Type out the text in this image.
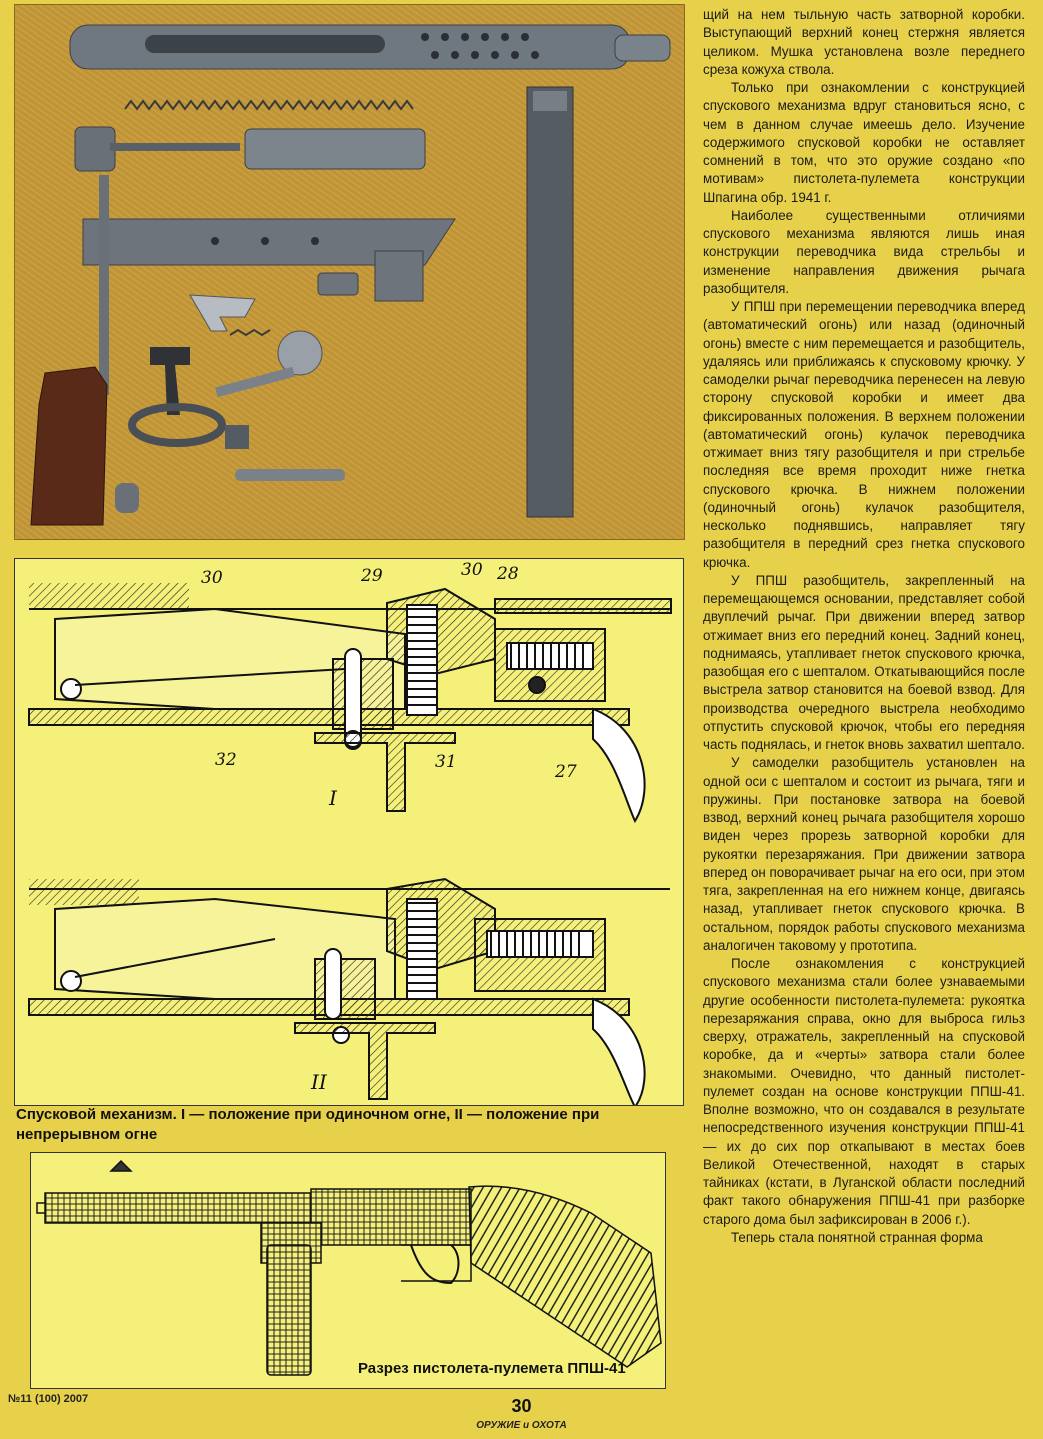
30	29	30 28
32	31	27
I
II
Спусковой механизм. I — положение при одиночном огне, II — положение при непрерывном огне
Разрез пистолета-пулемета ППШ-41

щий на нем тыльную часть затворной коробки. Выступающий верхний конец стержня является целиком. Мушка установлена возле переднего среза кожуха ствола.

Только при ознакомлении с конструкцией спускового механизма вдруг становиться ясно, с чем в данном случае имеешь дело. Изучение содержимого спусковой коробки не оставляет сомнений в том, что это оружие создано «по мотивам» пистолета-пулемета конструкции Шпагина обр. 1941 г.

Наиболее существенными отличиями спускового механизма являются лишь иная конструкции переводчика вида стрельбы и изменение направления движения рычага разобщителя.

У ППШ при перемещении переводчика вперед (автоматический огонь) или назад (одиночный огонь) вместе с ним перемещается и разобщитель, удаляясь или приближаясь к спусковому крючку. У самоделки рычаг переводчика перенесен на левую сторону спусковой коробки и имеет два фиксированных положения. В верхнем положении (автоматический огонь) кулачок переводчика отжимает вниз тягу разобщителя и при стрельбе последняя все время проходит ниже гнетка спускового крючка. В нижнем положении (одиночный огонь) кулачок разобщителя, несколько поднявшись, направляет тягу разобщителя в передний срез гнетка спускового крючка.

У ППШ разобщитель, закрепленный на перемещающемся основании, представляет собой двуплечий рычаг. При движении вперед затвор отжимает вниз его передний конец. Задний конец, поднимаясь, утапливает гнеток спускового крючка, разобщая его с шепталом. Откатывающийся после выстрела затвор становится на боевой взвод. Для производства очередного выстрела необходимо отпустить спусковой крючок, чтобы его передняя часть поднялась, и гнеток вновь захватил шептало.

У самоделки разобщитель установлен на одной оси с шепталом и состоит из рычага, тяги и пружины. При постановке затвора на боевой взвод, верхний конец рычага разобщителя хорошо виден через прорезь затворной коробки для рукоятки перезаряжания. При движении затвора вперед он поворачивает рычаг на его оси, при этом тяга, закрепленная на его нижнем конце, двигаясь назад, утапливает гнеток спускового крючка. В остальном, порядок работы спускового механизма аналогичен таковому у прототипа.

После ознакомления с конструкцией спускового механизма стали более узнаваемыми другие особенности пистолета-пулемета: рукоятка перезаряжания справа, окно для выброса гильз сверху, отражатель, закрепленный на спусковой коробке, да и «черты» затвора стали более знакомыми. Очевидно, что данный пистолет-пулемет создан на основе конструкции ППШ-41. Вполне возможно, что он создавался в результате непосредственного изучения конструкции ППШ-41 — их до сих пор откапывают в местах боев Великой Отечественной, находят в старых тайниках (кстати, в Луганской области последний факт такого обнаружения ППШ-41 при разборке старого дома был зафиксирован в 2006 г.).

Теперь стала понятной странная форма

№11 (100) 2007	30
ОРУЖИЕ и ОХОТА
